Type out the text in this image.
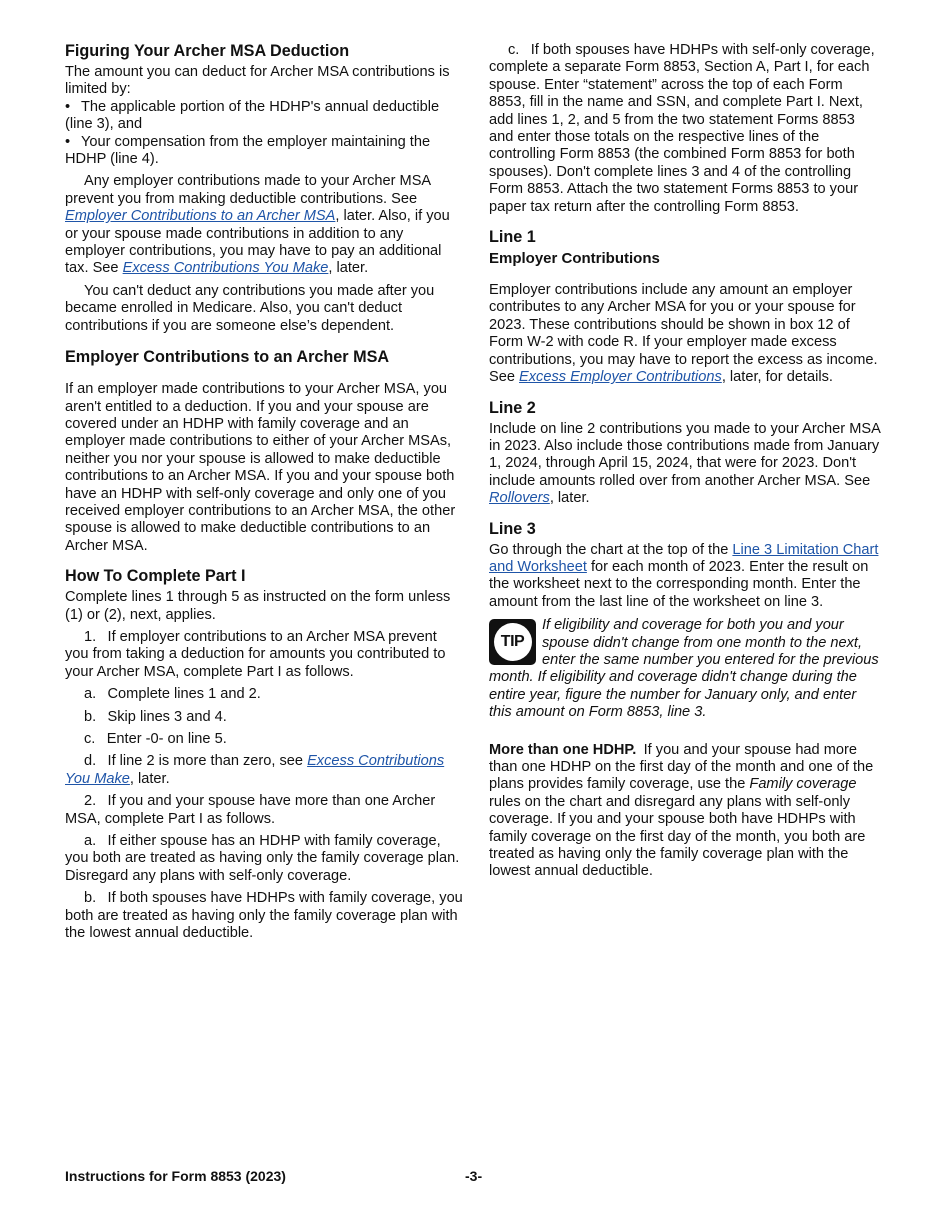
Figuring Your Archer MSA Deduction

The amount you can deduct for Archer MSA contributions is limited by:

• The applicable portion of the HDHP's annual deductible (line 3), and

• Your compensation from the employer maintaining the HDHP (line 4).

Any employer contributions made to your Archer MSA prevent you from making deductible contributions. See Employer Contributions to an Archer MSA, later. Also, if you or your spouse made contributions in addition to any employer contributions, you may have to pay an additional tax. See Excess Contributions You Make, later.

You can't deduct any contributions you made after you became enrolled in Medicare. Also, you can't deduct contributions if you are someone else’s dependent.

Employer Contributions to an Archer MSA

If an employer made contributions to your Archer MSA, you aren't entitled to a deduction. If you and your spouse are covered under an HDHP with family coverage and an employer made contributions to either of your Archer MSAs, neither you nor your spouse is allowed to make deductible contributions to an Archer MSA. If you and your spouse both have an HDHP with self-only coverage and only one of you received employer contributions to an Archer MSA, the other spouse is allowed to make deductible contributions to an Archer MSA.

How To Complete Part I

Complete lines 1 through 5 as instructed on the form unless (1) or (2), next, applies.

1.  If employer contributions to an Archer MSA prevent you from taking a deduction for amounts you contributed to your Archer MSA, complete Part I as follows.

a.  Complete lines 1 and 2.

b.  Skip lines 3 and 4.

c.  Enter -0- on line 5.

d.  If line 2 is more than zero, see Excess Contributions You Make, later.

2.  If you and your spouse have more than one Archer MSA, complete Part I as follows.

a.  If either spouse has an HDHP with family coverage, you both are treated as having only the family coverage plan. Disregard any plans with self-only coverage.

b.  If both spouses have HDHPs with family coverage, you both are treated as having only the family coverage plan with the lowest annual deductible.

c.  If both spouses have HDHPs with self-only coverage, complete a separate Form 8853, Section A, Part I, for each spouse. Enter “statement” across the top of each Form 8853, fill in the name and SSN, and complete Part I. Next, add lines 1, 2, and 5 from the two statement Forms 8853 and enter those totals on the respective lines of the controlling Form 8853 (the combined Form 8853 for both spouses). Don't complete lines 3 and 4 of the controlling Form 8853. Attach the two statement Forms 8853 to your paper tax return after the controlling Form 8853.

Line 1
Employer Contributions

Employer contributions include any amount an employer contributes to any Archer MSA for you or your spouse for 2023. These contributions should be shown in box 12 of Form W-2 with code R. If your employer made excess contributions, you may have to report the excess as income. See Excess Employer Contributions, later, for details.

Line 2

Include on line 2 contributions you made to your Archer MSA in 2023. Also include those contributions made from January 1, 2024, through April 15, 2024, that were for 2023. Don't include amounts rolled over from another Archer MSA. See Rollovers, later.

Line 3

Go through the chart at the top of the Line 3 Limitation Chart and Worksheet for each month of 2023. Enter the result on the worksheet next to the corresponding month. Enter the amount from the last line of the worksheet on line 3.

TIP
If eligibility and coverage for both you and your spouse didn't change from one month to the next, enter the same number you entered for the previous month. If eligibility and coverage didn't change during the entire year, figure the number for January only, and enter this amount on Form 8853, line 3.

More than one HDHP. If you and your spouse had more than one HDHP on the first day of the month and one of the plans provides family coverage, use the Family coverage rules on the chart and disregard any plans with self-only coverage. If you and your spouse both have HDHPs with family coverage on the first day of the month, you both are treated as having only the family coverage plan with the lowest annual deductible.

Instructions for Form 8853 (2023)	-3-
